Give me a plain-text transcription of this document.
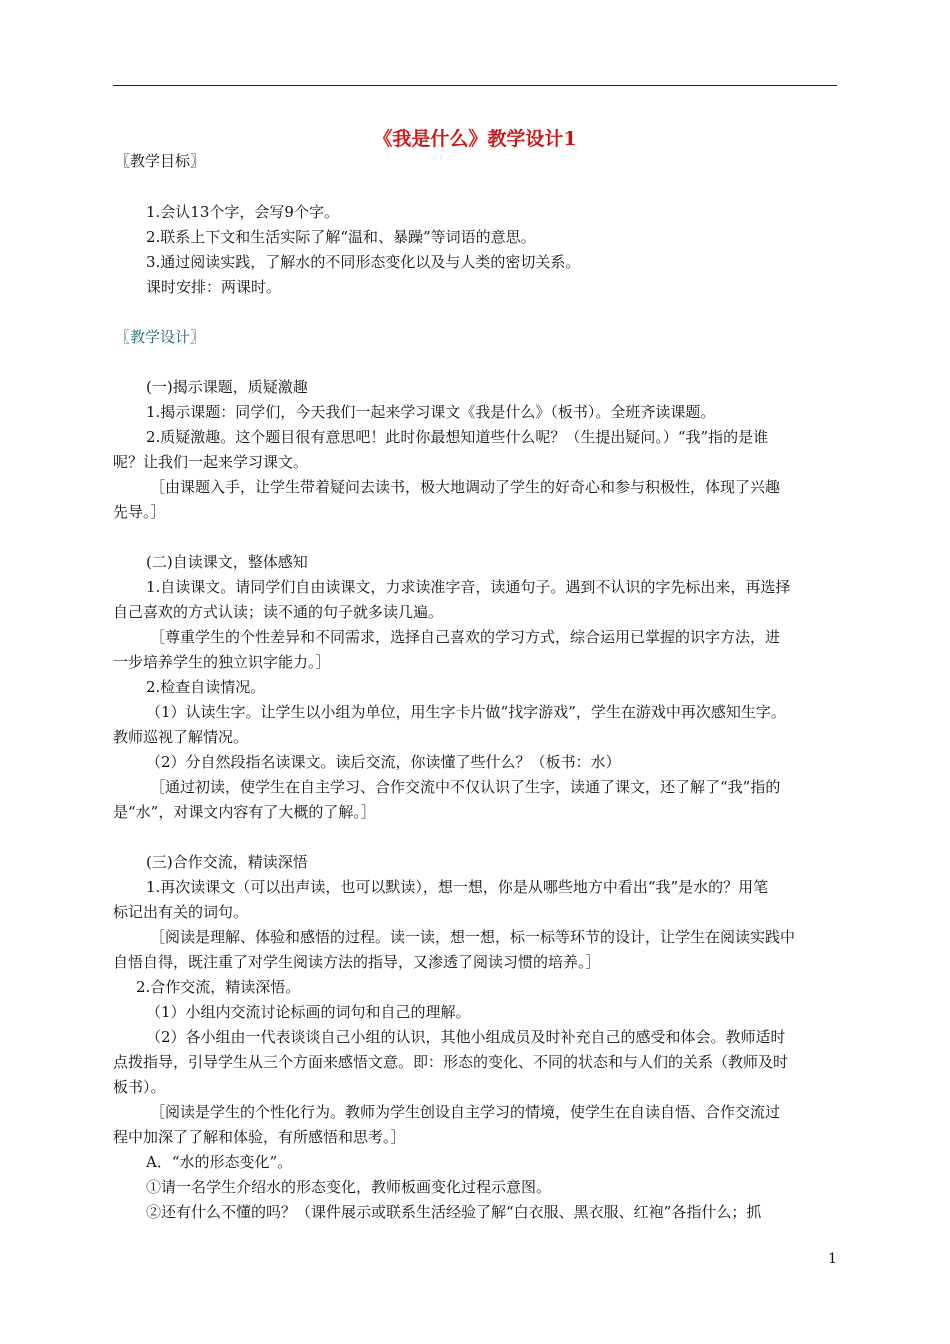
《我是什么》教学设计1
〖教学目标〗
1.会认13个字，会写9个字。
2.联系上下文和生活实际了解“温和、暴躁”等词语的意思。
3.通过阅读实践，了解水的不同形态变化以及与人类的密切关系。
课时安排：两课时。
〖教学设计〗
(一)揭示课题，质疑激趣
1.揭示课题：同学们，今天我们一起来学习课文《我是什么》（板书）。全班齐读课题。
2.质疑激趣。这个题目很有意思吧！此时你最想知道些什么呢？（生提出疑问。）“我”指的是谁
呢？让我们一起来学习课文。
［由课题入手，让学生带着疑问去读书，极大地调动了学生的好奇心和参与积极性，体现了兴趣
先导。］
(二)自读课文，整体感知
1.自读课文。请同学们自由读课文，力求读准字音，读通句子。遇到不认识的字先标出来，再选择
自己喜欢的方式认读；读不通的句子就多读几遍。
［尊重学生的个性差异和不同需求，选择自己喜欢的学习方式，综合运用已掌握的识字方法，进
一步培养学生的独立识字能力。］
2.检查自读情况。
（1）认读生字。让学生以小组为单位，用生字卡片做“找字游戏”，学生在游戏中再次感知生字。
教师巡视了解情况。
（2）分自然段指名读课文。读后交流，你读懂了些什么？（板书：水）
［通过初读，使学生在自主学习、合作交流中不仅认识了生字，读通了课文，还了解了“我”指的
是“水”，对课文内容有了大概的了解。］
(三)合作交流，精读深悟
1.再次读课文（可以出声读，也可以默读），想一想，你是从哪些地方中看出“我”是水的？用笔
标记出有关的词句。
［阅读是理解、体验和感悟的过程。读一读，想一想，标一标等环节的设计，让学生在阅读实践中
自悟自得，既注重了对学生阅读方法的指导，又渗透了阅读习惯的培养。］
2.合作交流，精读深悟。
（1）小组内交流讨论标画的词句和自己的理解。
（2）各小组由一代表谈谈自己小组的认识，其他小组成员及时补充自己的感受和体会。教师适时
点拨指导，引导学生从三个方面来感悟文意。即：形态的变化、不同的状态和与人们的关系（教师及时
板书）。
［阅读是学生的个性化行为。教师为学生创设自主学习的情境，使学生在自读自悟、合作交流过
程中加深了了解和体验，有所感悟和思考。］
A．“水的形态变化”。
①请一名学生介绍水的形态变化，教师板画变化过程示意图。
②还有什么不懂的吗？（课件展示或联系生活经验了解“白衣服、黑衣服、红袍”各指什么；抓
1
